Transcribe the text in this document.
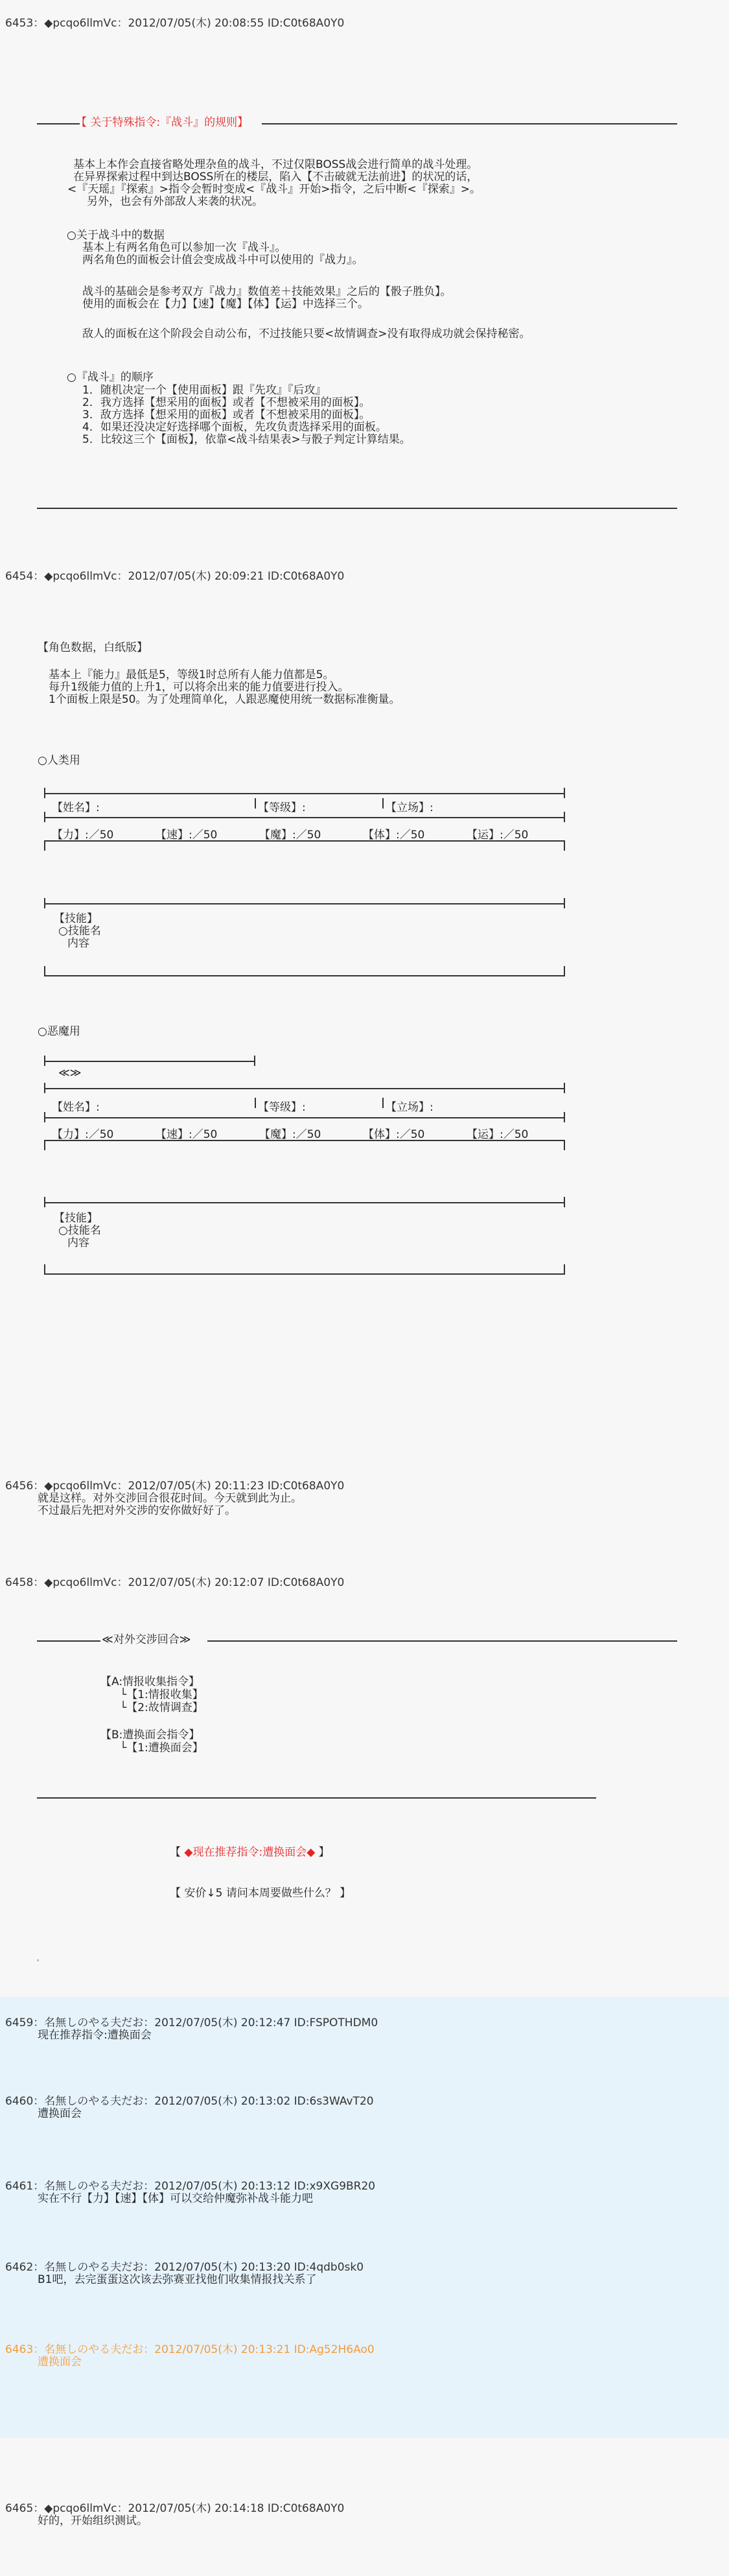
6453：◆pcqo6llmVc：2012/07/05(木) 20:08:55 ID:C0t68A0Y0
【 关于特殊指令:『战斗』的规则】
基本上本作会直接省略处理杂鱼的战斗，不过仅限BOSS战会进行简单的战斗处理。
在异界探索过程中到达BOSS所在的楼层，陷入【不击破就无法前进】的状况的话，
<『天瑶』『探索』>指令会暂时变成<『战斗』开始>指令，之后中断<『探索』>。
另外，也会有外部敌人来袭的状况。
○关于战斗中的数据
基本上有两名角色可以参加一次『战斗』。
两名角色的面板会计值会变成战斗中可以使用的『战力』。
战斗的基础会是参考双方『战力』数值差＋技能效果』之后的【骰子胜负】。
使用的面板会在【力】【速】【魔】【体】【运】中选择三个。
敌人的面板在这个阶段会自动公布，不过技能只要<故情调查>没有取得成功就会保持秘密。
○『战斗』的顺序
1．随机决定一个【使用面板】跟『先攻』『后攻』
2．我方选择【想采用的面板】或者【不想被采用的面板】。
3．敌方选择【想采用的面板】或者【不想被采用的面板】。
4．如果还没决定好选择哪个面板，先攻负责选择采用的面板。
5．比较这三个【面板】，依靠<战斗结果表>与骰子判定计算结果。
6454：◆pcqo6llmVc：2012/07/05(木) 20:09:21 ID:C0t68A0Y0
【角色数据，白纸版】
基本上『能力』最低是5，等级1时总所有人能力值都是5。
每升1级能力值的上升1，可以将余出来的能力值要进行投入。
1个面板上限是50。为了处理简单化，人跟恶魔使用统一数据标准衡量。
○人类用
【姓名】:	【等级】:	【立场】:
【力】:／50	【速】:／50	【魔】:／50	【体】:／50	【运】:／50
【技能】
○技能名
内容
○恶魔用
≪≫
【姓名】:	【等级】:	【立场】:
【力】:／50	【速】:／50	【魔】:／50	【体】:／50	【运】:／50
【技能】
○技能名
内容
6456：◆pcqo6llmVc：2012/07/05(木) 20:11:23 ID:C0t68A0Y0
就是这样。对外交涉回合很花时间。今天就到此为止。
不过最后先把对外交涉的安你做好好了。
6458：◆pcqo6llmVc：2012/07/05(木) 20:12:07 ID:C0t68A0Y0
≪对外交涉回合≫
【A:情报收集指令】
└【1:情报收集】
└【2:故情调查】
【B:遭换面会指令】
└【1:遭换面会】
【 ◆现在推荐指令:遭换面会◆ 】
【 安价↓5 请问本周要做些什么？ 】
6459：名無しのやる夫だお：2012/07/05(木) 20:12:47 ID:FSPOTHDM0
现在推荐指令:遭换面会
6460：名無しのやる夫だお：2012/07/05(木) 20:13:02 ID:6s3WAvT20
遭换面会
6461：名無しのやる夫だお：2012/07/05(木) 20:13:12 ID:x9XG9BR20
实在不行【力】【速】【体】可以交给仲魔弥补战斗能力吧
6462：名無しのやる夫だお：2012/07/05(木) 20:13:20 ID:4qdb0sk0
B1吧，去完蛋蛋这次该去弥赛亚找他们收集情报找关系了
6463：名無しのやる夫だお：2012/07/05(木) 20:13:21 ID:Ag52H6Ao0
遭换面会
6465：◆pcqo6llmVc：2012/07/05(木) 20:14:18 ID:C0t68A0Y0
好的，开始组织测试。
